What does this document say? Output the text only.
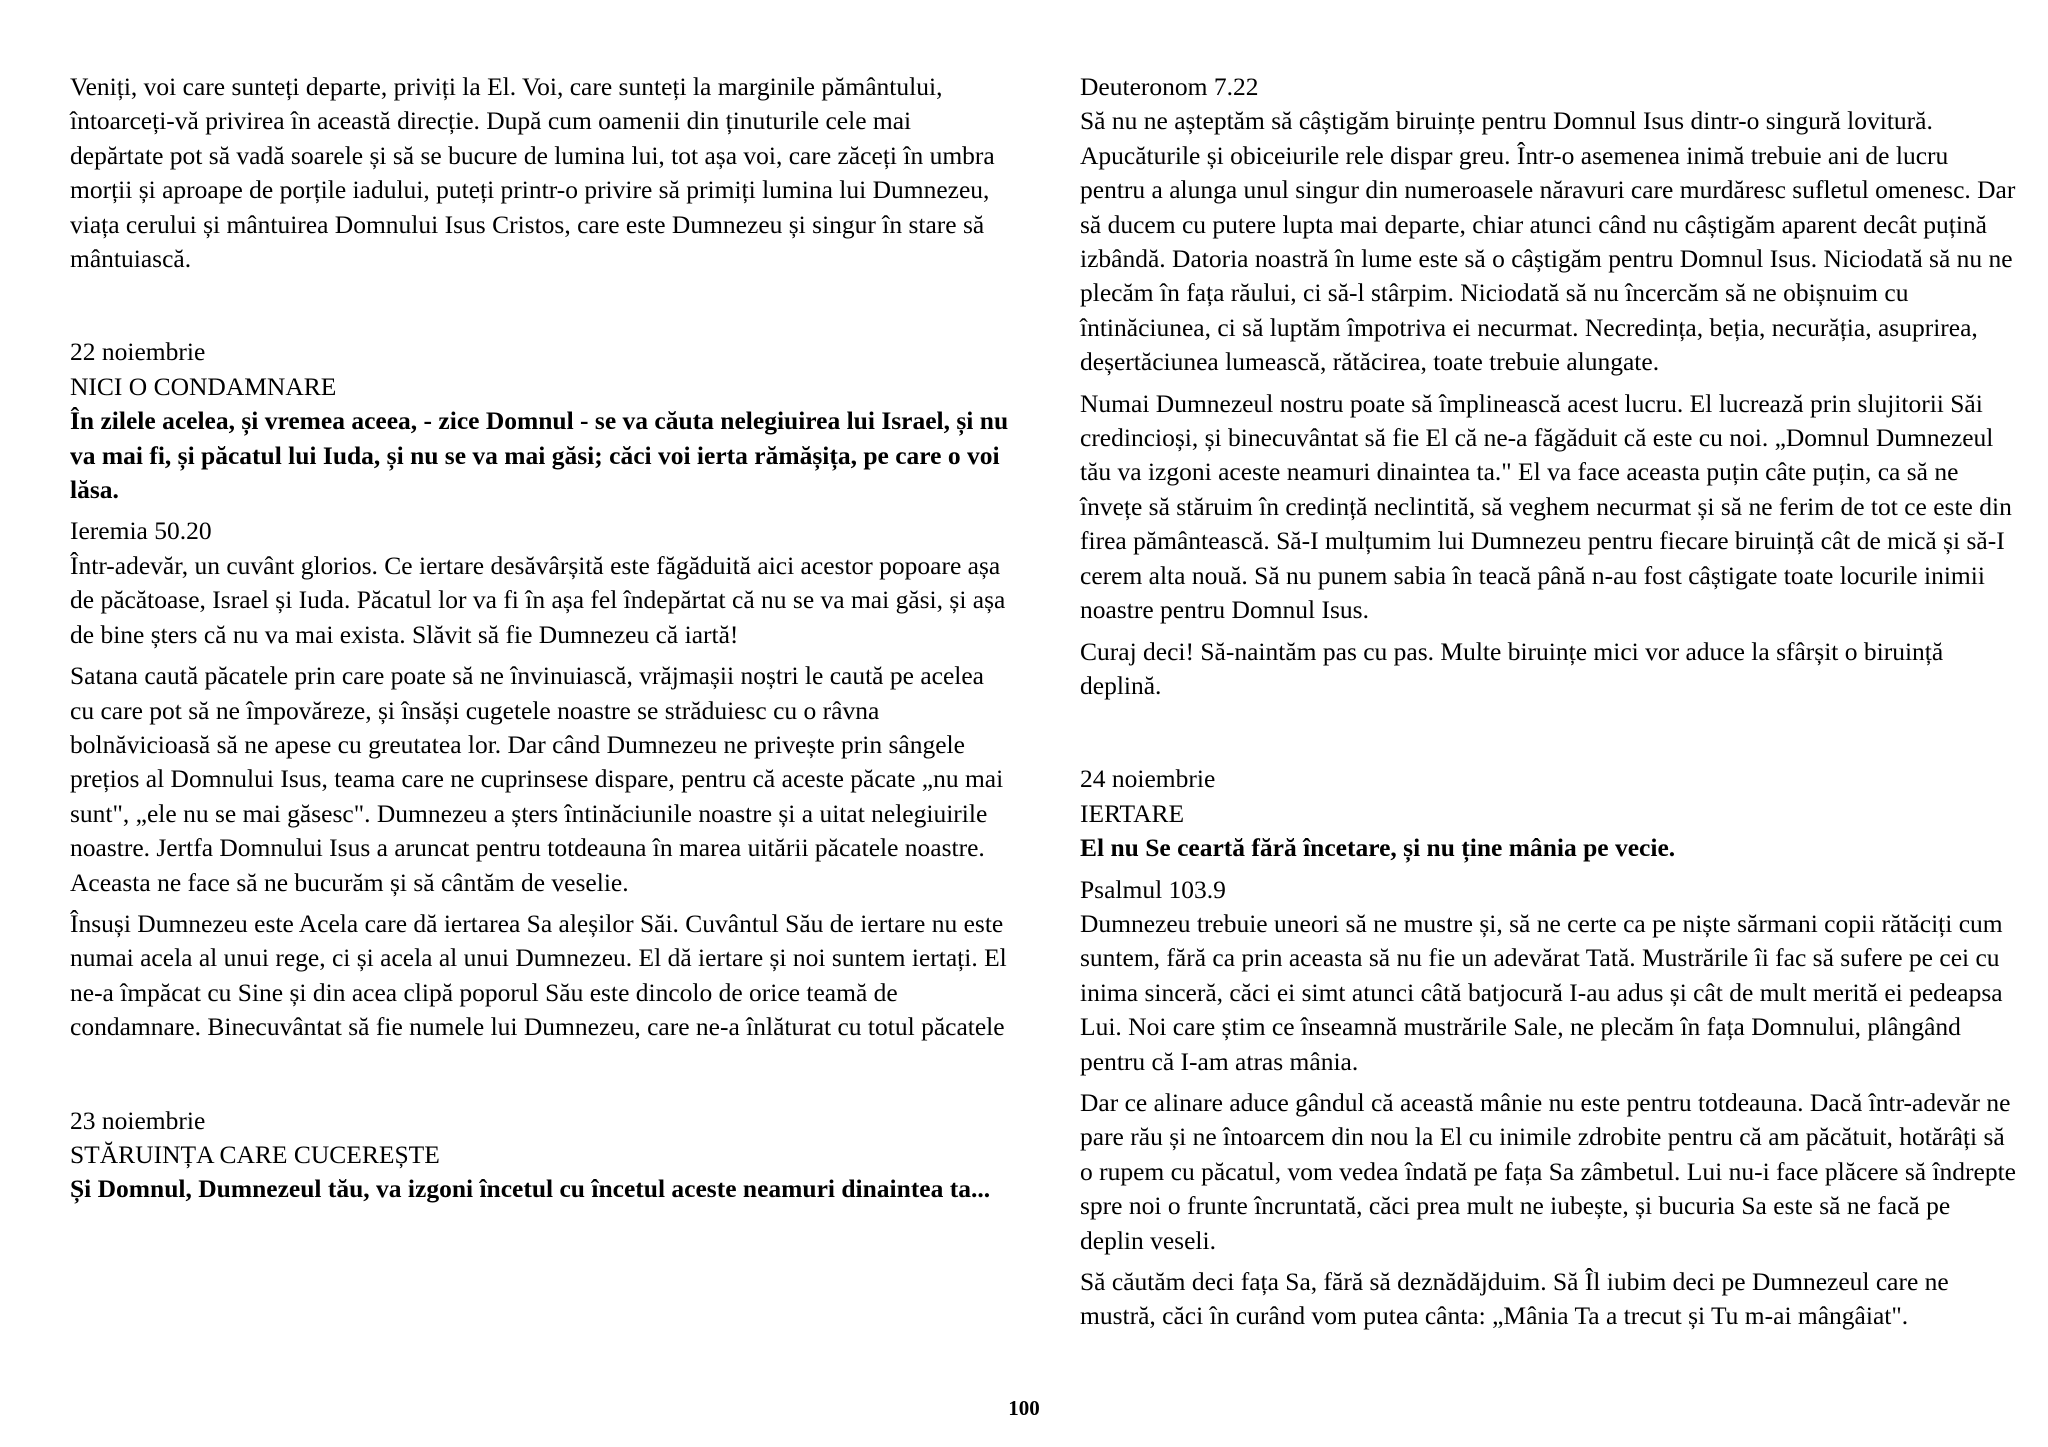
Veniți, voi care sunteți departe, priviți la El. Voi, care sunteți la marginile pământului, întoarceți-vă privirea în această direcție. După cum oamenii din ținuturile cele mai depărtate pot să vadă soarele și să se bucure de lumina lui, tot așa voi, care zăceți în umbra morții și aproape de porțile iadului, puteți printr-o privire să primiți lumina lui Dumnezeu, viața cerului și mântuirea Domnului Isus Cristos, care este Dumnezeu și singur în stare să mântuiască.

22 noiembrie

NICI O CONDAMNARE

În zilele acelea, și vremea aceea, - zice Domnul - se va căuta nelegiuirea lui Israel, și nu va mai fi, și păcatul lui Iuda, și nu se va mai găsi; căci voi ierta rămășița, pe care o voi lăsa.

Ieremia 50.20

Într-adevăr, un cuvânt glorios. Ce iertare desăvârșită este făgăduită aici acestor popoare așa de păcătoase, Israel și Iuda. Păcatul lor va fi în așa fel îndepărtat că nu se va mai găsi, și așa de bine șters că nu va mai exista. Slăvit să fie Dumnezeu că iartă!

Satana caută păcatele prin care poate să ne învinuiască, vrăjmașii noștri le caută pe acelea cu care pot să ne împovăreze, și însăși cugetele noastre se străduiesc cu o râvna bolnăvicioasă să ne apese cu greutatea lor. Dar când Dumnezeu ne privește prin sângele prețios al Domnului Isus, teama care ne cuprinsese dispare, pentru că aceste păcate „nu mai sunt", „ele nu se mai găsesc". Dumnezeu a șters întinăciunile noastre și a uitat nelegiuirile noastre. Jertfa Domnului Isus a aruncat pentru totdeauna în marea uitării păcatele noastre. Aceasta ne face să ne bucurăm și să cântăm de veselie.

Însuși Dumnezeu este Acela care dă iertarea Sa aleșilor Săi. Cuvântul Său de iertare nu este numai acela al unui rege, ci și acela al unui Dumnezeu. El dă iertare și noi suntem iertați. El ne-a împăcat cu Sine și din acea clipă poporul Său este dincolo de orice teamă de condamnare. Binecuvântat să fie numele lui Dumnezeu, care ne-a înlăturat cu totul păcatele

23 noiembrie

STĂRUINȚA CARE CUCEREȘTE

Și Domnul, Dumnezeul tău, va izgoni încetul cu încetul aceste neamuri dinaintea ta...

Deuteronom 7.22

Să nu ne așteptăm să câștigăm biruințe pentru Domnul Isus dintr-o singură lovitură. Apucăturile și obiceiurile rele dispar greu. Într-o asemenea inimă trebuie ani de lucru pentru a alunga unul singur din numeroasele năravuri care murdăresc sufletul omenesc. Dar să ducem cu putere lupta mai departe, chiar atunci când nu câștigăm aparent decât puțină izbândă. Datoria noastră în lume este să o câștigăm pentru Domnul Isus. Niciodată să nu ne plecăm în fața răului, ci să-l stârpim. Niciodată să nu încercăm să ne obișnuim cu întinăciunea, ci să luptăm împotriva ei necurmat. Necredința, beția, necurăția, asuprirea, deșertăciunea lumească, rătăcirea, toate trebuie alungate.

Numai Dumnezeul nostru poate să împlinească acest lucru. El lucrează prin slujitorii Săi credincioși, și binecuvântat să fie El că ne-a făgăduit că este cu noi. „Domnul Dumnezeul tău va izgoni aceste neamuri dinaintea ta." El va face aceasta puțin câte puțin, ca să ne învețe să stăruim în credință neclintită, să veghem necurmat și să ne ferim de tot ce este din firea pământească. Să-I mulțumim lui Dumnezeu pentru fiecare biruință cât de mică și să-I cerem alta nouă. Să nu punem sabia în teacă până n-au fost câștigate toate locurile inimii noastre pentru Domnul Isus.

Curaj deci! Să-naintăm pas cu pas. Multe biruințe mici vor aduce la sfârșit o biruință deplină.

24 noiembrie

IERTARE

El nu Se ceartă fără încetare, și nu ține mânia pe vecie.

Psalmul 103.9

Dumnezeu trebuie uneori să ne mustre și, să ne certe ca pe niște sărmani copii rătăciți cum suntem, fără ca prin aceasta să nu fie un adevărat Tată. Mustrările îi fac să sufere pe cei cu inima sinceră, căci ei simt atunci câtă batjocură I-au adus și cât de mult merită ei pedeapsa Lui. Noi care știm ce înseamnă mustrările Sale, ne plecăm în fața Domnului, plângând pentru că I-am atras mânia.

Dar ce alinare aduce gândul că această mânie nu este pentru totdeauna. Dacă într-adevăr ne pare rău și ne întoarcem din nou la El cu inimile zdrobite pentru că am păcătuit, hotărâți să o rupem cu păcatul, vom vedea îndată pe fața Sa zâmbetul. Lui nu-i face plăcere să îndrepte spre noi o frunte încruntată, căci prea mult ne iubește, și bucuria Sa este să ne facă pe deplin veseli.

Să căutăm deci fața Sa, fără să deznădăjduim. Să Îl iubim deci pe Dumnezeul care ne mustră, căci în curând vom putea cânta: „Mânia Ta a trecut și Tu m-ai mângâiat".

100
